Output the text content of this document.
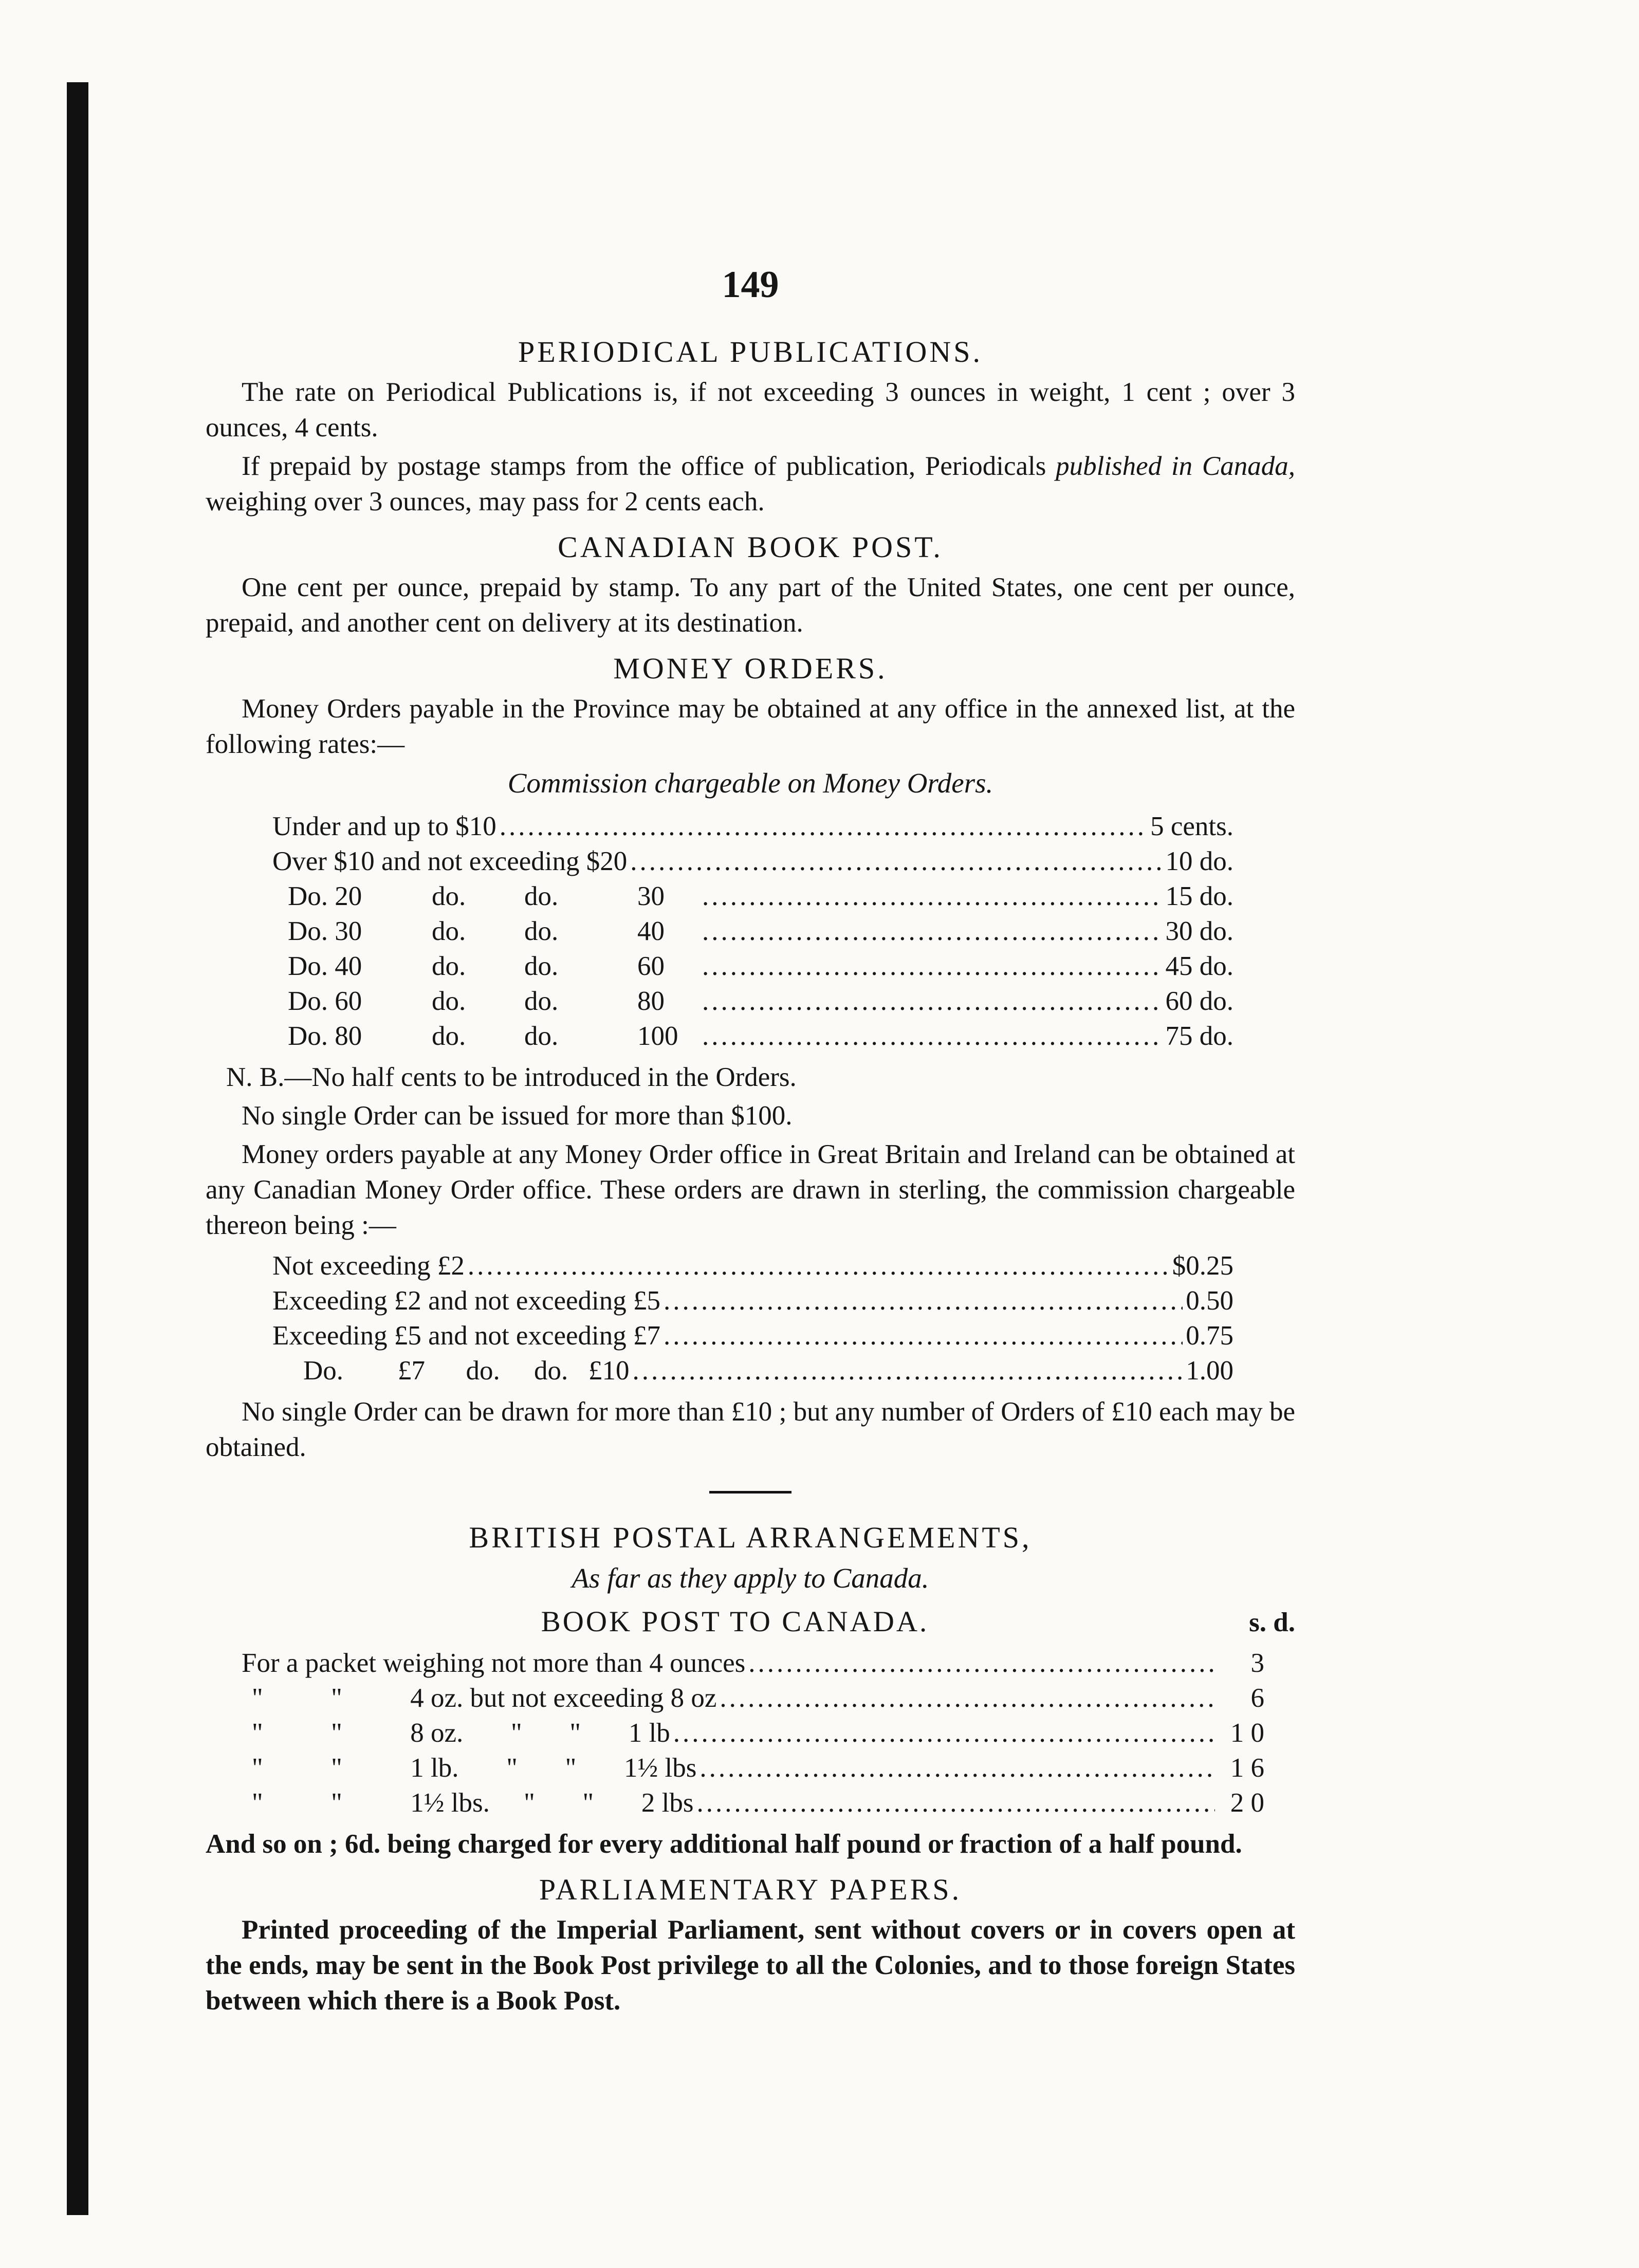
149
PERIODICAL PUBLICATIONS.

The rate on Periodical Publications is, if not exceeding 3 ounces in weight, 1 cent ; over 3 ounces, 4 cents.

If prepaid by postage stamps from the office of publication, Periodicals published in Canada, weighing over 3 ounces, may pass for 2 cents each.

CANADIAN BOOK POST.

One cent per ounce, prepaid by stamp. To any part of the United States, one cent per ounce, prepaid, and another cent on delivery at its destination.

MONEY ORDERS.

Money Orders payable in the Province may be obtained at any office in the annexed list, at the following rates:—

Commission chargeable on Money Orders.
Under and up to $10 .....	5 cents.
Over $10 and not exceeding $20 .....	10 do.
Do. 20	do.	do.	30 .....	15 do.
Do. 30	do.	do.	40 .....	30 do.
Do. 40	do.	do.	60 .....	45 do.
Do. 60	do.	do.	80 .....	60 do.
Do. 80	do.	do.	100 .....	75 do.

N. B.—No half cents to be introduced in the Orders.

No single Order can be issued for more than $100.

Money orders payable at any Money Order office in Great Britain and Ireland can be obtained at any Canadian Money Order office. These orders are drawn in sterling, the commission chargeable thereon being :—

Not exceeding £2 .....	$0.25
Exceeding £2 and not exceeding £5 .....	0.50
Exceeding £5 and not exceeding £7 .....	0.75
Do.        £7      do.     do.   £10 .....	1.00

No single Order can be drawn for more than £10 ; but any number of Orders of £10 each may be obtained.

BRITISH POSTAL ARRANGEMENTS,
As far as they apply to Canada.
BOOK POST TO CANADA.	s. d.
For a packet weighing not more than 4 ounces .....	3
"          "          4 oz. but not exceeding 8 oz .....	6
"          "          8 oz.       "       "       1 lb .....	1 0
"          "          1 lb.       "       "       1½ lbs .....	1 6
"          "          1½ lbs.     "       "       2 lbs .....	2 0

And so on ; 6d. being charged for every additional half pound or fraction of a half pound.

PARLIAMENTARY PAPERS.

Printed proceeding of the Imperial Parliament, sent without covers or in covers open at the ends, may be sent in the Book Post privilege to all the Colonies, and to those foreign States between which there is a Book Post.
